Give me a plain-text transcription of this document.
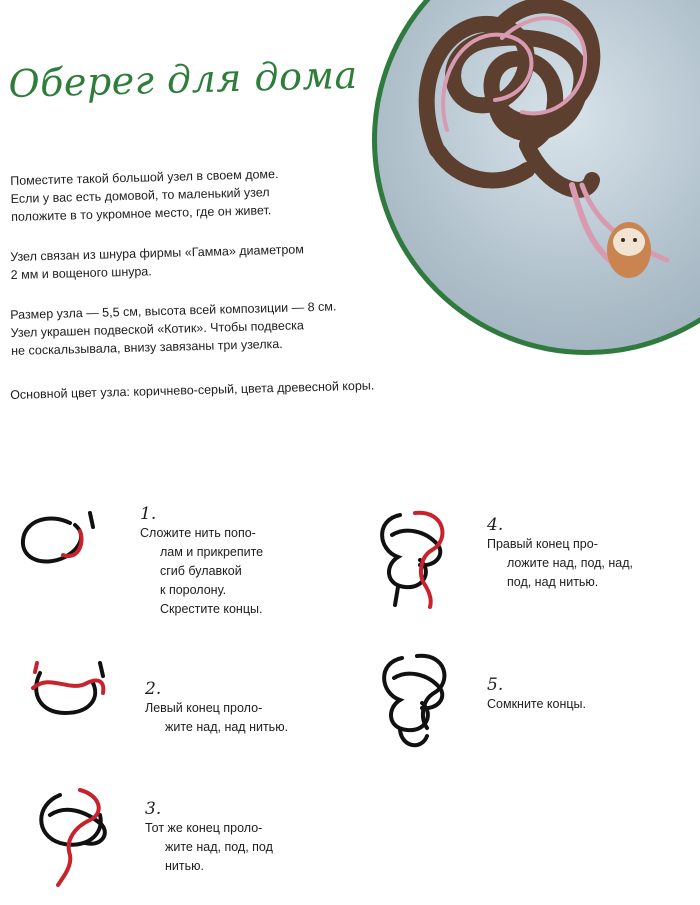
Оберег для дома
Поместите такой большой узел в своем доме.
Если у вас есть домовой, то маленький узел
положите в то укромное место, где он живет.
Узел связан из шнура фирмы «Гамма» диаметром
2 мм и вощеного шнура.
Размер узла — 5,5 см, высота всей композиции — 8 см.
Узел украшен подвеской «Котик». Чтобы подвеска
не соскальзывала, внизу завязаны три узелка.
Основной цвет узла: коричнево-серый, цвета древесной коры.
1.
Сложите нить попо-
лам и прикрепите
сгиб булавкой
к поролону.
Скрестите концы.
2.
Левый конец проло-
жите над, над нитью.
3.
Тот же конец проло-
жите над, под, под
нитью.
4.
Правый конец про-
ложите над, под, над,
под, над нитью.
5.
Сомкните концы.
